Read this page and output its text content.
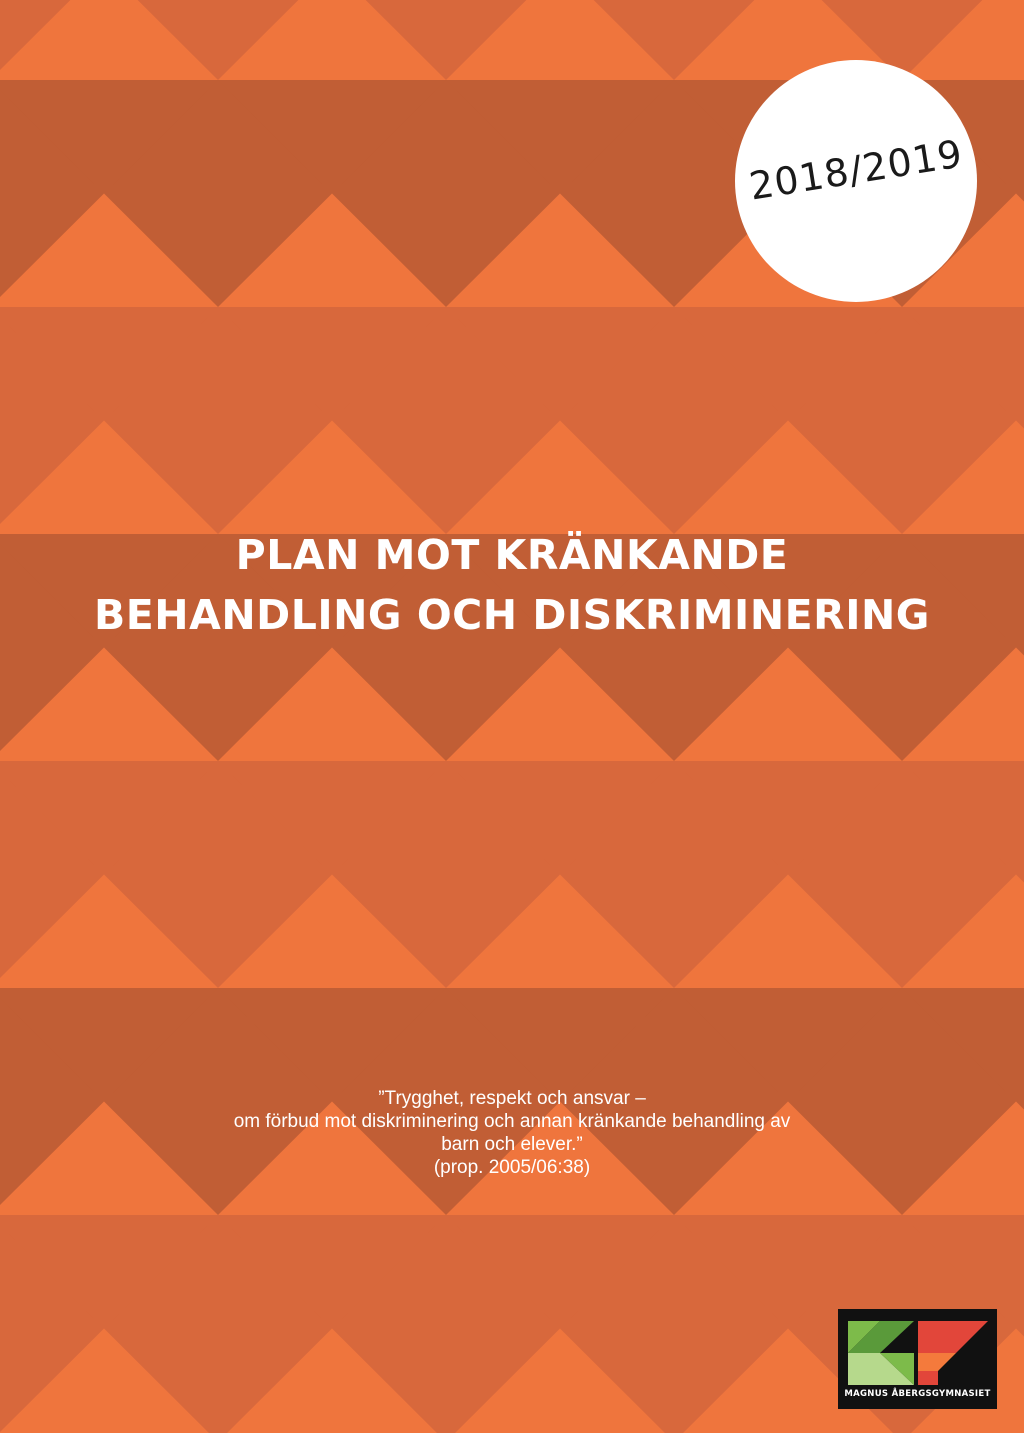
2018/2019
PLAN MOT KRÄNKANDE
BEHANDLING OCH DISKRIMINERING
”Trygghet, respekt och ansvar –
om förbud mot diskriminering och annan kränkande behandling av
barn och elever.”
(prop. 2005/06:38)
MAGNUS ÅBERGSGYMNASIET
